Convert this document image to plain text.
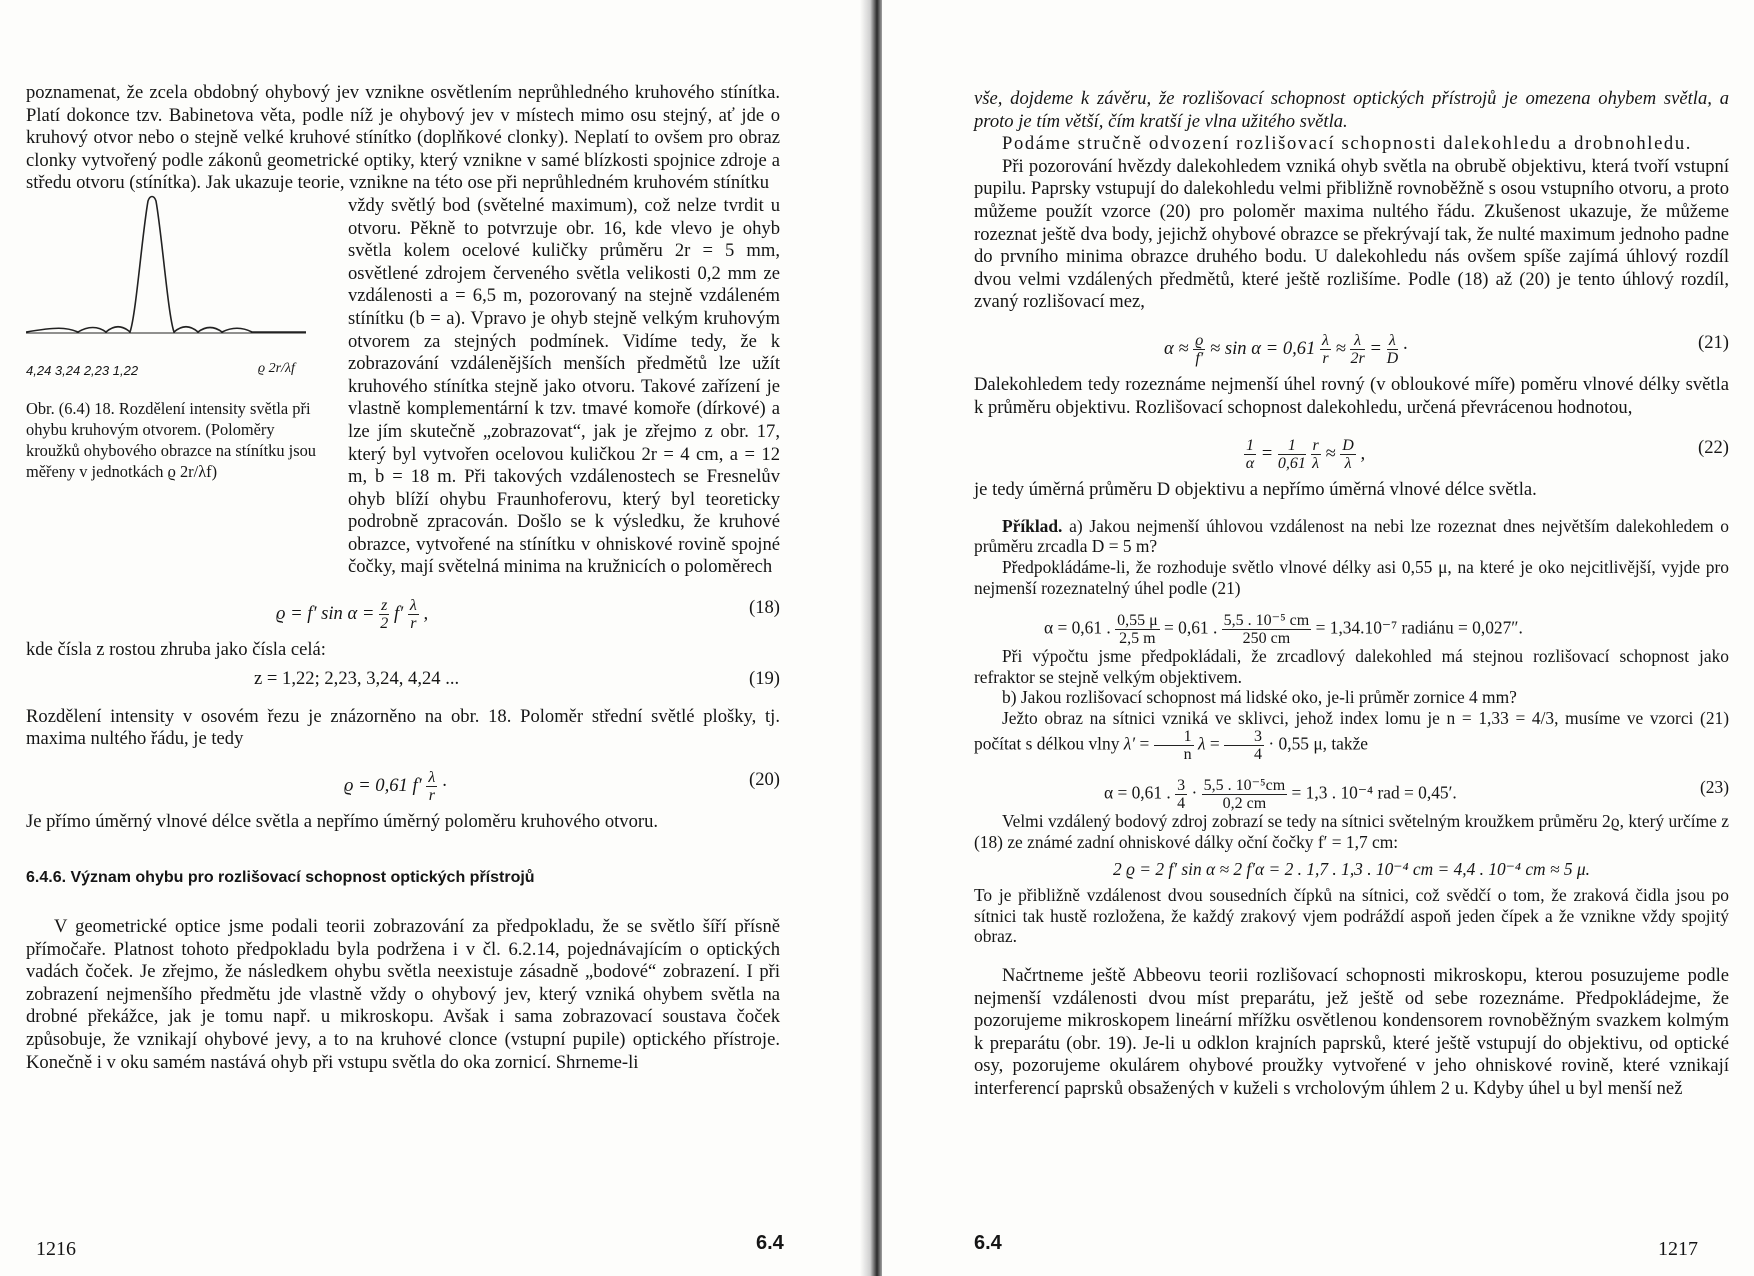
poznamenat, že zcela obdobný ohybový jev vznikne osvětlením neprůhledného kruhového stínítka. Platí dokonce tzv. Babinetova věta, podle níž je ohybový jev v místech mimo osu stejný, ať jde o kruhový otvor nebo o stejně velké kruhové stínítko (doplňkové clonky). Neplatí to ovšem pro obraz clonky vytvořený podle zákonů geometrické optiky, který vznikne v samé blízkosti spojnice zdroje a středu otvoru (stínítka). Jak ukazuje teorie, vznikne na této ose při neprůhledném kruhovém stínítku

4,24 3,24 2,23 1,22	ϱ 2r/λf
Obr. (6.4) 18. Rozdělení intensity světla při ohybu kruhovým otvorem. (Poloměry kroužků ohybového obrazce na stínítku jsou měřeny v jednotkách ϱ 2r/λf)

vždy světlý bod (světelné maximum), což nelze tvrdit u otvoru. Pěkně to potvrzuje obr. 16, kde vlevo je ohyb světla kolem ocelové kuličky průměru 2r = 5 mm, osvětlené zdrojem červeného světla velikosti 0,2 mm ze vzdálenosti a = 6,5 m, pozorovaný na stejně vzdáleném stínítku (b = a). Vpravo je ohyb stejně velkým kruhovým otvorem za stejných podmínek. Vidíme tedy, že k zobrazování vzdálenějších menších předmětů lze užít kruhového stínítka stejně jako otvoru. Takové zařízení je vlastně komplementární k tzv. tmavé komoře (dírkové) a lze jím skutečně „zobrazovat“, jak je zřejmo z obr. 17, který byl vytvořen ocelovou kuličkou 2r = 4 cm, a = 12 m, b = 18 m. Při takových vzdálenostech se Fresnelův ohyb blíží ohybu Fraunhoferovu, který byl teoreticky podrobně zpracován. Došlo se k výsledku, že kruhové obrazce, vytvořené na stínítku v ohniskové rovině spojné čočky, mají světelná minima na kružnicích o poloměrech

ϱ = f′ $\sin \alpha = \frac{z}{2} f' \frac{\lambda}{r}$ ,	(18)

kde čísla z rostou zhruba jako čísla celá:

z = 1,22; 2,23, 3,24, 4,24 ...	(19)

Rozdělení intensity v osovém řezu je znázorněno na obr. 18. Poloměr střední světlé plošky, tj. maxima nultého řádu, je tedy

ϱ = 0,61 $f' \frac{\lambda}{r}$ ·	(20)

Je přímo úměrný vlnové délce světla a nepřímo úměrný poloměru kruhového otvoru.

6.4.6. Význam ohybu pro rozlišovací schopnost optických přístrojů

V geometrické optice jsme podali teorii zobrazování za předpokladu, že se světlo šíří přísně přímočaře. Platnost tohoto předpokladu byla podržena i v čl. 6.2.14, pojednávajícím o optických vadách čoček. Je zřejmo, že následkem ohybu světla neexistuje zásadně „bodové“ zobrazení. I při zobrazení nejmenšího předmětu jde vlastně vždy o ohybový jev, který vzniká ohybem světla na drobné překážce, jak je tomu např. u mikroskopu. Avšak i sama zobrazovací soustava čoček způsobuje, že vznikají ohybové jevy, a to na kruhové clonce (vstupní pupile) optického přístroje. Konečně i v oku samém nastává ohyb při vstupu světla do oka zornicí. Shrneme-li

1216	6.4

vše, dojdeme k závěru, že rozlišovací schopnost optických přístrojů je omezena ohybem světla, a proto je tím větší, čím kratší je vlna užitého světla.

Podáme stručně odvození rozlišovací schopnosti dalekohledu a drobnohledu.

Při pozorování hvězdy dalekohledem vzniká ohyb světla na obrubě objektivu, která tvoří vstupní pupilu. Paprsky vstupují do dalekohledu velmi přibližně rovnoběžně s osou vstupního otvoru, a proto můžeme použít vzorce (20) pro poloměr maxima nultého řádu. Zkušenost ukazuje, že můžeme rozeznat ještě dva body, jejichž ohybové obrazce se překrývají tak, že nulté maximum jednoho padne do prvního minima obrazce druhého bodu. U dalekohledu nás ovšem spíše zajímá úhlový rozdíl dvou velmi vzdálených předmětů, které ještě rozlišíme. Podle (18) až (20) je tento úhlový rozdíl, zvaný rozlišovací mez,

$\alpha \approx \frac{ϱ}{f'} \approx \sin \alpha = 0,61 \frac{\lambda}{r} \approx \frac{\lambda}{2r} = \frac{\lambda}{D}$ ·	(21)

Dalekohledem tedy rozeznáme nejmenší úhel rovný (v obloukové míře) poměru vlnové délky světla k průměru objektivu. Rozlišovací schopnost dalekohledu, určená převrácenou hodnotou,

$\frac{1}{\alpha} = \frac{1}{0,61}$
$\frac{r}{\lambda} \approx \frac{D}{\lambda}$ ,	(22)

je tedy úměrná průměru D objektivu a nepřímo úměrná vlnové délce světla.

Příklad. a) Jakou nejmenší úhlovou vzdálenost na nebi lze rozeznat dnes největším dalekohledem o průměru zrcadla D = 5 m?

Předpokládáme-li, že rozhoduje světlo vlnové délky asi 0,55 μ, na které je oko nejcitlivější, vyjde pro nejmenší rozeznatelný úhel podle (21)

α = 0,61 . $\frac{0,55 \mu}{2,5 m} = 0,61$ . $\frac{\text{5,5 . 10⁻⁵ cm}}{250 cm} = 1,34.10^{-7}$ radiánu = 0,027″.

Při výpočtu jsme předpokládali, že zrcadlový dalekohled má stejnou rozlišovací schopnost jako refraktor se stejně velkým objektivem.

b) Jakou rozlišovací schopnost má lidské oko, je-li průměr zornice 4 mm?

Ježto obraz na sítnici vzniká ve sklivci, jehož index lomu je n = 1,33 = 4/3, musíme ve vzorci (21) počítat s délkou vlny $\lambda' = \frac{1}{n}$ $\lambda = \frac{3}{4} \cdot 0,55$ μ, takže

α = 0,61 . $\frac{3}{4} \cdot \frac{\text{5,5 . 10⁻⁵cm}}{0,2 cm} = 1,3$ . 10⁻⁴ rad = 0,45′.	(23)

Velmi vzdálený bodový zdroj zobrazí se tedy na sítnici světelným kroužkem průměru 2ϱ, který určíme z (18) ze známé zadní ohniskové dálky oční čočky f′ = 1,7 cm:

2 ϱ = 2 f′ sin α ≈ 2 f′α = 2 . 1,7 . 1,3 . 10⁻⁴ cm = 4,4 . 10⁻⁴ cm ≈ 5 μ.

To je přibližně vzdálenost dvou sousedních čípků na sítnici, což svědčí o tom, že zraková čidla jsou po sítnici tak hustě rozložena, že každý zrakový vjem podráždí aspoň jeden čípek a že vznikne vždy spojitý obraz.

Načrtneme ještě Abbeovu teorii rozlišovací schopnosti mikroskopu, kterou posuzujeme podle nejmenší vzdálenosti dvou míst preparátu, jež ještě od sebe rozeznáme. Předpokládejme, že pozorujeme mikroskopem lineární mřížku osvětlenou kondensorem rovnoběžným svazkem kolmým k preparátu (obr. 19). Je-li u odklon krajních paprsků, které ještě vstupují do objektivu, od optické osy, pozorujeme okulárem ohybové proužky vytvořené v jeho ohniskové rovině, které vznikají interferencí paprsků obsažených v kuželi s vrcholovým úhlem 2 u. Kdyby úhel u byl menší než

6.4	1217
